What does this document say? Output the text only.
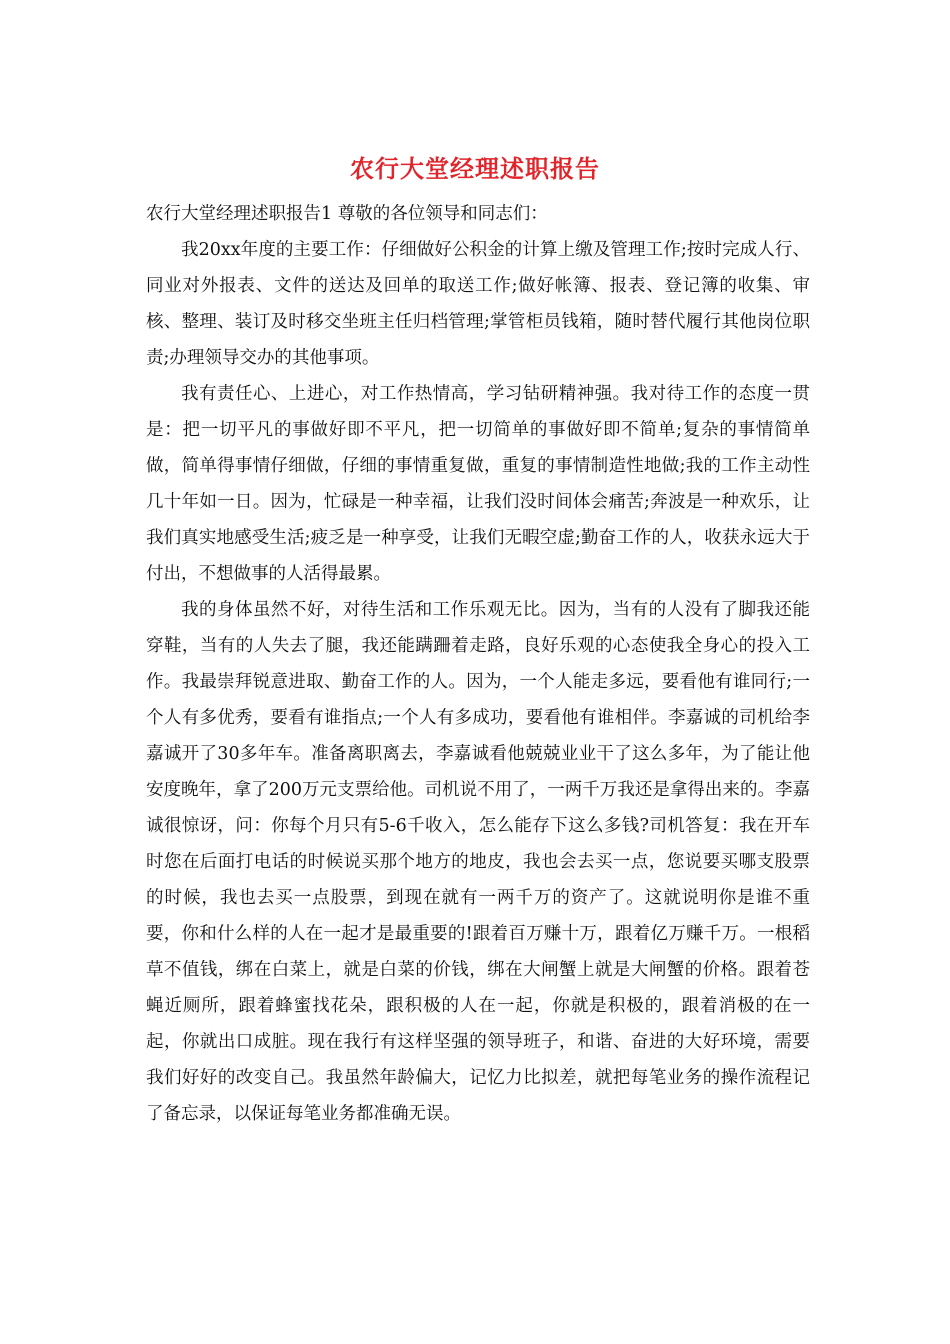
农行大堂经理述职报告

农行大堂经理述职报告1 尊敬的各位领导和同志们：

我20xx年度的主要工作：仔细做好公积金的计算上缴及管理工作;按时完成人行、同业对外报表、文件的送达及回单的取送工作;做好帐簿、报表、登记簿的收集、审核、整理、装订及时移交坐班主任归档管理;掌管柜员钱箱，随时替代履行其他岗位职责;办理领导交办的其他事项。

我有责任心、上进心，对工作热情高，学习钻研精神强。我对待工作的态度一贯是：把一切平凡的事做好即不平凡，把一切简单的事做好即不简单;复杂的事情简单做，简单得事情仔细做，仔细的事情重复做，重复的事情制造性地做;我的工作主动性几十年如一日。因为，忙碌是一种幸福，让我们没时间体会痛苦;奔波是一种欢乐，让我们真实地感受生活;疲乏是一种享受，让我们无暇空虚;勤奋工作的人，收获永远大于付出，不想做事的人活得最累。

我的身体虽然不好，对待生活和工作乐观无比。因为，当有的人没有了脚我还能穿鞋，当有的人失去了腿，我还能蹒跚着走路，良好乐观的心态使我全身心的投入工作。我最崇拜锐意进取、勤奋工作的人。因为，一个人能走多远，要看他有谁同行;一个人有多优秀，要看有谁指点;一个人有多成功，要看他有谁相伴。李嘉诚的司机给李嘉诚开了30多年车。准备离职离去，李嘉诚看他兢兢业业干了这么多年，为了能让他安度晚年，拿了200万元支票给他。司机说不用了，一两千万我还是拿得出来的。李嘉诚很惊讶，问：你每个月只有5-6千收入，怎么能存下这么多钱?司机答复：我在开车时您在后面打电话的时候说买那个地方的地皮，我也会去买一点，您说要买哪支股票的时候，我也去买一点股票，到现在就有一两千万的资产了。这就说明你是谁不重要，你和什么样的人在一起才是最重要的!跟着百万赚十万，跟着亿万赚千万。一根稻草不值钱，绑在白菜上，就是白菜的价钱，绑在大闸蟹上就是大闸蟹的价格。跟着苍蝇近厕所，跟着蜂蜜找花朵，跟积极的人在一起，你就是积极的，跟着消极的在一起，你就出口成脏。现在我行有这样坚强的领导班子，和谐、奋进的大好环境，需要我们好好的改变自己。我虽然年龄偏大，记忆力比拟差，就把每笔业务的操作流程记了备忘录，以保证每笔业务都准确无误。
